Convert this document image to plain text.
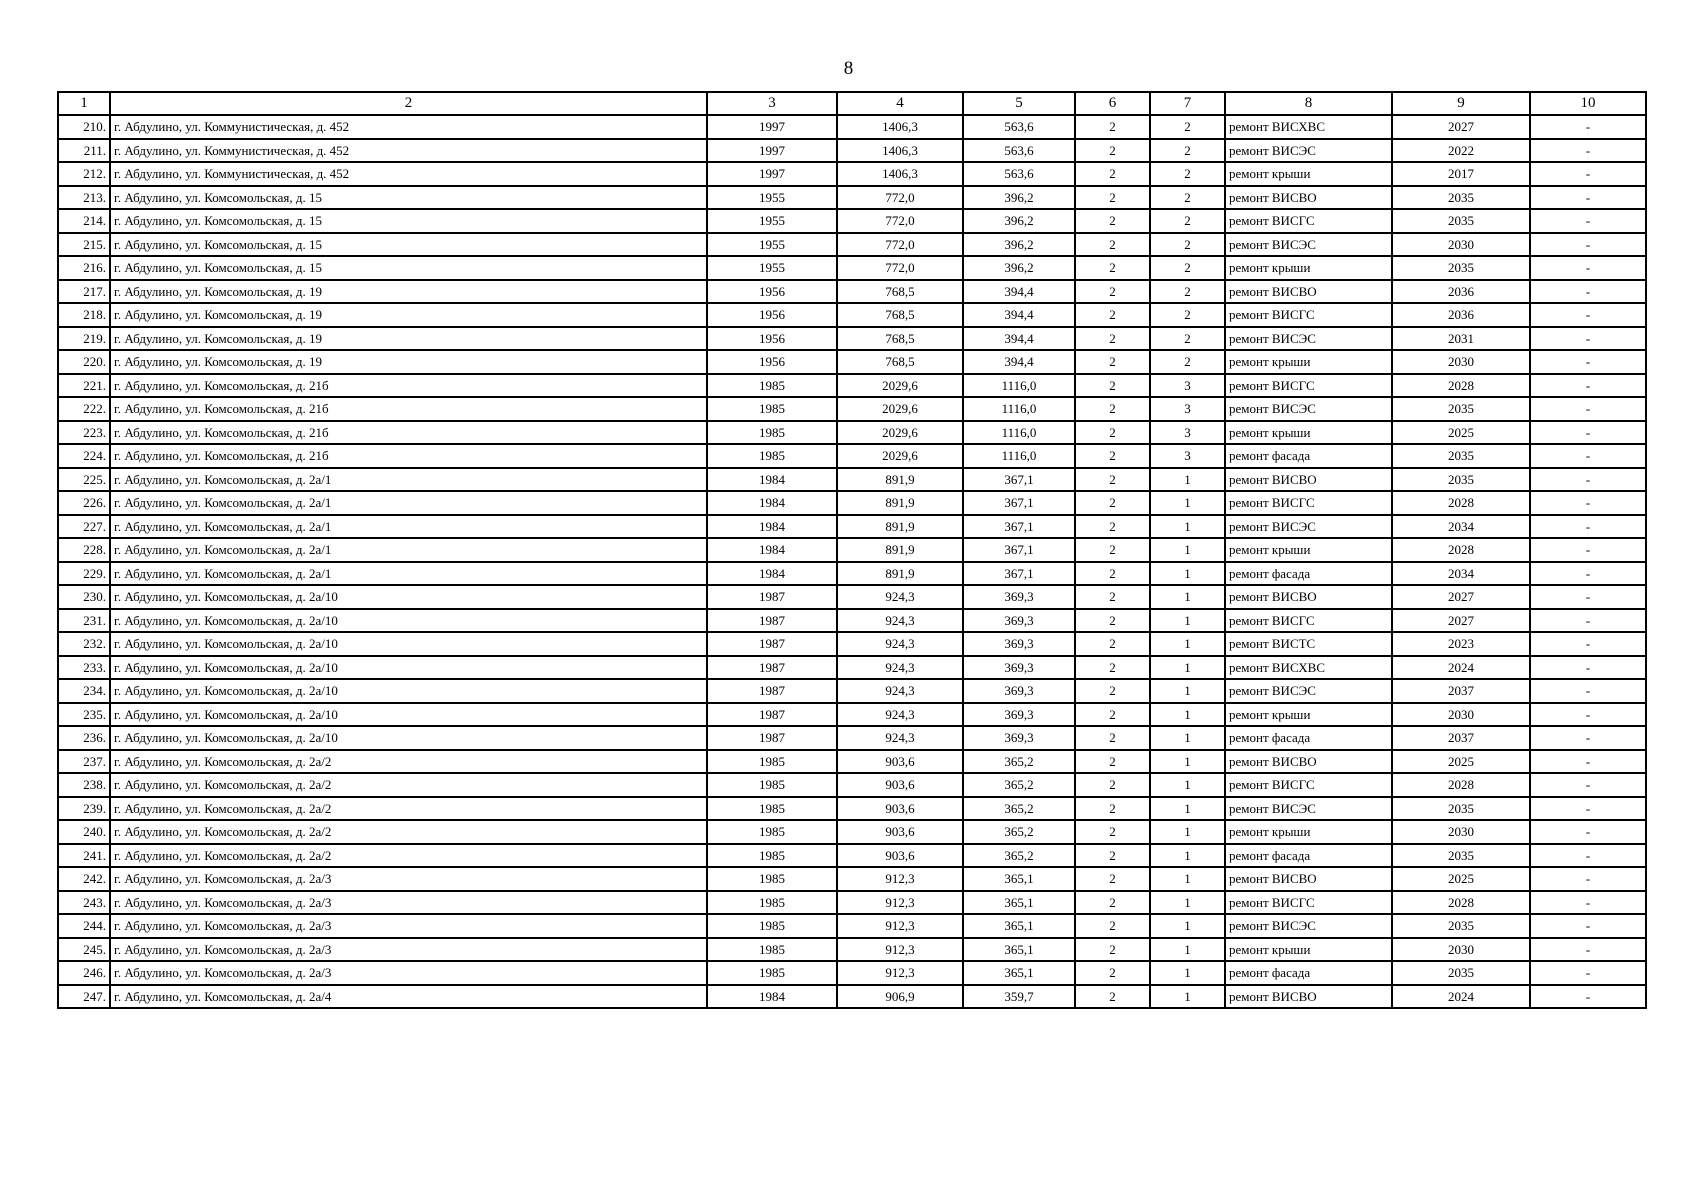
8
1	2	3	4	5	6	7	8	9	10
210.	г. Абдулино, ул. Коммунистическая, д. 452	1997	1406,3	563,6	2	2	ремонт ВИСХВС	2027	-
211.	г. Абдулино, ул. Коммунистическая, д. 452	1997	1406,3	563,6	2	2	ремонт ВИСЭС	2022	-
212.	г. Абдулино, ул. Коммунистическая, д. 452	1997	1406,3	563,6	2	2	ремонт крыши	2017	-
213.	г. Абдулино, ул. Комсомольская, д. 15	1955	772,0	396,2	2	2	ремонт ВИСВО	2035	-
214.	г. Абдулино, ул. Комсомольская, д. 15	1955	772,0	396,2	2	2	ремонт ВИСГС	2035	-
215.	г. Абдулино, ул. Комсомольская, д. 15	1955	772,0	396,2	2	2	ремонт ВИСЭС	2030	-
216.	г. Абдулино, ул. Комсомольская, д. 15	1955	772,0	396,2	2	2	ремонт крыши	2035	-
217.	г. Абдулино, ул. Комсомольская, д. 19	1956	768,5	394,4	2	2	ремонт ВИСВО	2036	-
218.	г. Абдулино, ул. Комсомольская, д. 19	1956	768,5	394,4	2	2	ремонт ВИСГС	2036	-
219.	г. Абдулино, ул. Комсомольская, д. 19	1956	768,5	394,4	2	2	ремонт ВИСЭС	2031	-
220.	г. Абдулино, ул. Комсомольская, д. 19	1956	768,5	394,4	2	2	ремонт крыши	2030	-
221.	г. Абдулино, ул. Комсомольская, д. 21б	1985	2029,6	1116,0	2	3	ремонт ВИСГС	2028	-
222.	г. Абдулино, ул. Комсомольская, д. 21б	1985	2029,6	1116,0	2	3	ремонт ВИСЭС	2035	-
223.	г. Абдулино, ул. Комсомольская, д. 21б	1985	2029,6	1116,0	2	3	ремонт крыши	2025	-
224.	г. Абдулино, ул. Комсомольская, д. 21б	1985	2029,6	1116,0	2	3	ремонт фасада	2035	-
225.	г. Абдулино, ул. Комсомольская, д. 2а/1	1984	891,9	367,1	2	1	ремонт ВИСВО	2035	-
226.	г. Абдулино, ул. Комсомольская, д. 2а/1	1984	891,9	367,1	2	1	ремонт ВИСГС	2028	-
227.	г. Абдулино, ул. Комсомольская, д. 2а/1	1984	891,9	367,1	2	1	ремонт ВИСЭС	2034	-
228.	г. Абдулино, ул. Комсомольская, д. 2а/1	1984	891,9	367,1	2	1	ремонт крыши	2028	-
229.	г. Абдулино, ул. Комсомольская, д. 2а/1	1984	891,9	367,1	2	1	ремонт фасада	2034	-
230.	г. Абдулино, ул. Комсомольская, д. 2а/10	1987	924,3	369,3	2	1	ремонт ВИСВО	2027	-
231.	г. Абдулино, ул. Комсомольская, д. 2а/10	1987	924,3	369,3	2	1	ремонт ВИСГС	2027	-
232.	г. Абдулино, ул. Комсомольская, д. 2а/10	1987	924,3	369,3	2	1	ремонт ВИСТС	2023	-
233.	г. Абдулино, ул. Комсомольская, д. 2а/10	1987	924,3	369,3	2	1	ремонт ВИСХВС	2024	-
234.	г. Абдулино, ул. Комсомольская, д. 2а/10	1987	924,3	369,3	2	1	ремонт ВИСЭС	2037	-
235.	г. Абдулино, ул. Комсомольская, д. 2а/10	1987	924,3	369,3	2	1	ремонт крыши	2030	-
236.	г. Абдулино, ул. Комсомольская, д. 2а/10	1987	924,3	369,3	2	1	ремонт фасада	2037	-
237.	г. Абдулино, ул. Комсомольская, д. 2а/2	1985	903,6	365,2	2	1	ремонт ВИСВО	2025	-
238.	г. Абдулино, ул. Комсомольская, д. 2а/2	1985	903,6	365,2	2	1	ремонт ВИСГС	2028	-
239.	г. Абдулино, ул. Комсомольская, д. 2а/2	1985	903,6	365,2	2	1	ремонт ВИСЭС	2035	-
240.	г. Абдулино, ул. Комсомольская, д. 2а/2	1985	903,6	365,2	2	1	ремонт крыши	2030	-
241.	г. Абдулино, ул. Комсомольская, д. 2а/2	1985	903,6	365,2	2	1	ремонт фасада	2035	-
242.	г. Абдулино, ул. Комсомольская, д. 2а/3	1985	912,3	365,1	2	1	ремонт ВИСВО	2025	-
243.	г. Абдулино, ул. Комсомольская, д. 2а/3	1985	912,3	365,1	2	1	ремонт ВИСГС	2028	-
244.	г. Абдулино, ул. Комсомольская, д. 2а/3	1985	912,3	365,1	2	1	ремонт ВИСЭС	2035	-
245.	г. Абдулино, ул. Комсомольская, д. 2а/3	1985	912,3	365,1	2	1	ремонт крыши	2030	-
246.	г. Абдулино, ул. Комсомольская, д. 2а/3	1985	912,3	365,1	2	1	ремонт фасада	2035	-
247.	г. Абдулино, ул. Комсомольская, д. 2а/4	1984	906,9	359,7	2	1	ремонт ВИСВО	2024	-
